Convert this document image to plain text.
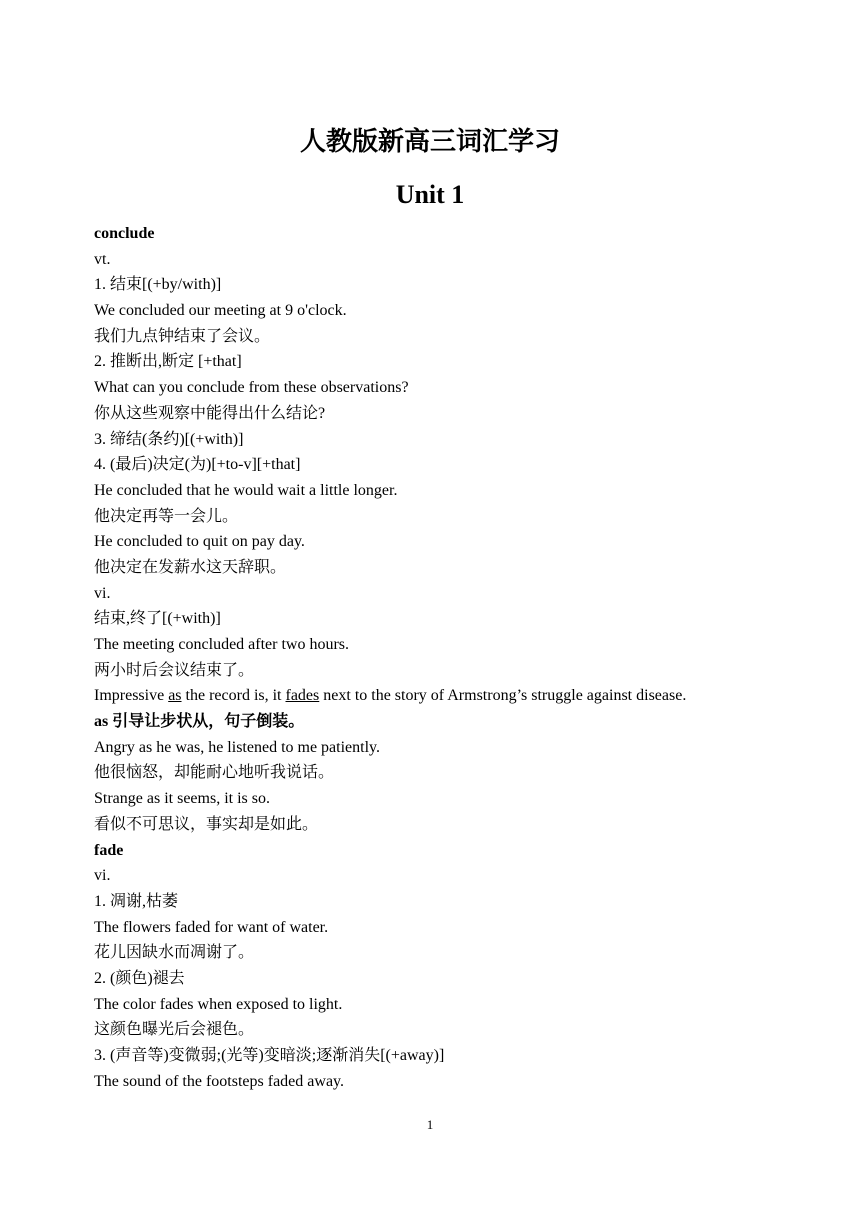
人教版新高三词汇学习
Unit 1
conclude
vt.
1. 结束[(+by/with)]
We concluded our meeting at 9 o'clock.
我们九点钟结束了会议。
2. 推断出,断定 [+that]
What can you conclude from these observations?
你从这些观察中能得出什么结论?
3. 缔结(条约)[(+with)]
4. (最后)决定(为)[+to-v][+that]
He concluded that he would wait a little longer.
他决定再等一会儿。
He concluded to quit on pay day.
他决定在发薪水这天辞职。
vi.
结束,终了[(+with)]
The meeting concluded after two hours.
两小时后会议结束了。
Impressive as the record is, it fades next to the story of Armstrong’s struggle against disease.
as 引导让步状从，句子倒装。
Angry as he was, he listened to me patiently.
他很恼怒，却能耐心地听我说话。
Strange as it seems, it is so.
看似不可思议，事实却是如此。
fade
vi.
1. 凋谢,枯萎
The flowers faded for want of water.
花儿因缺水而凋谢了。
2. (颜色)褪去
The color fades when exposed to light.
这颜色曝光后会褪色。
3. (声音等)变微弱;(光等)变暗淡;逐渐消失[(+away)]
The sound of the footsteps faded away.
1
